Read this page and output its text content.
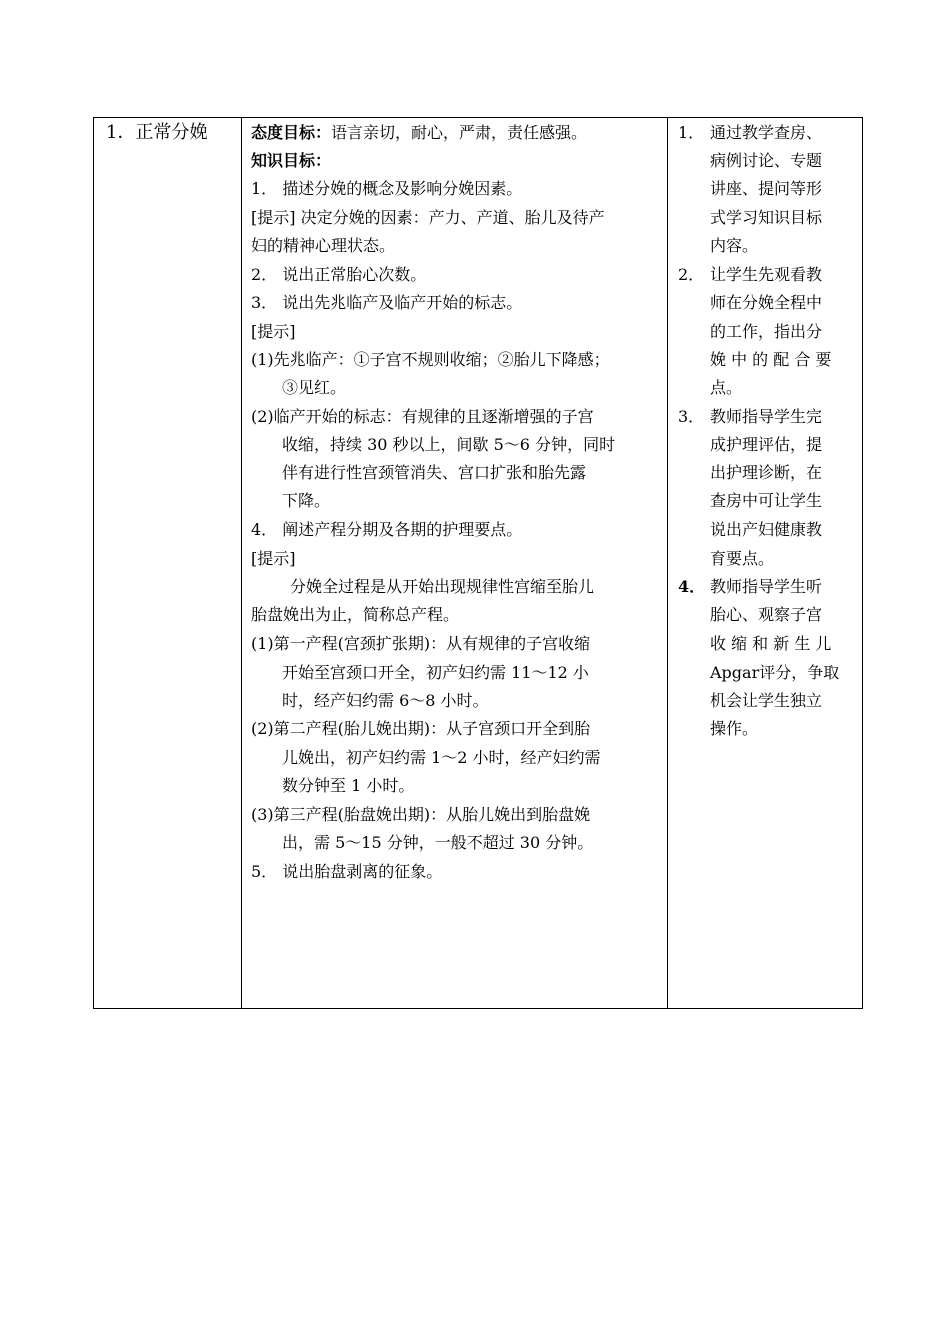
1．正常分娩	态度目标：语言亲切，耐心，严肃，责任感强。
知识目标：
1． 描述分娩的概念及影响分娩因素。
[提示] 决定分娩的因素：产力、产道、胎儿及待产
妇的精神心理状态。
2． 说出正常胎心次数。
3． 说出先兆临产及临产开始的标志。
[提示]
(1)先兆临产：①子宫不规则收缩；②胎儿下降感；
③见红。
(2)临产开始的标志：有规律的且逐渐增强的子宫
收缩，持续 30 秒以上，间歇 5～6 分钟，同时
伴有进行性宫颈管消失、宫口扩张和胎先露
下降。
4． 阐述产程分期及各期的护理要点。
[提示]
分娩全过程是从开始出现规律性宫缩至胎儿
胎盘娩出为止，简称总产程。
(1)第一产程(宫颈扩张期)：从有规律的子宫收缩
开始至宫颈口开全，初产妇约需 11～12 小
时，经产妇约需 6～8 小时。
(2)第二产程(胎儿娩出期)：从子宫颈口开全到胎
儿娩出，初产妇约需 1～2 小时，经产妇约需
数分钟至 1 小时。
(3)第三产程(胎盘娩出期)：从胎儿娩出到胎盘娩
出，需 5～15 分钟，一般不超过 30 分钟。
5． 说出胎盘剥离的征象。
1． 通过教学查房、
病例讨论、专题
讲座、提问等形
式学习知识目标
内容。
2． 让学生先观看教
师在分娩全程中
的工作，指出分
娩 中 的 配 合 要
点。
3． 教师指导学生完
成护理评估，提
出护理诊断，在
查房中可让学生
说出产妇健康教
育要点。
4． 教师指导学生听
胎心、观察子宫
收 缩 和 新 生 儿
Apgar评分，争取
机会让学生独立
操作。
